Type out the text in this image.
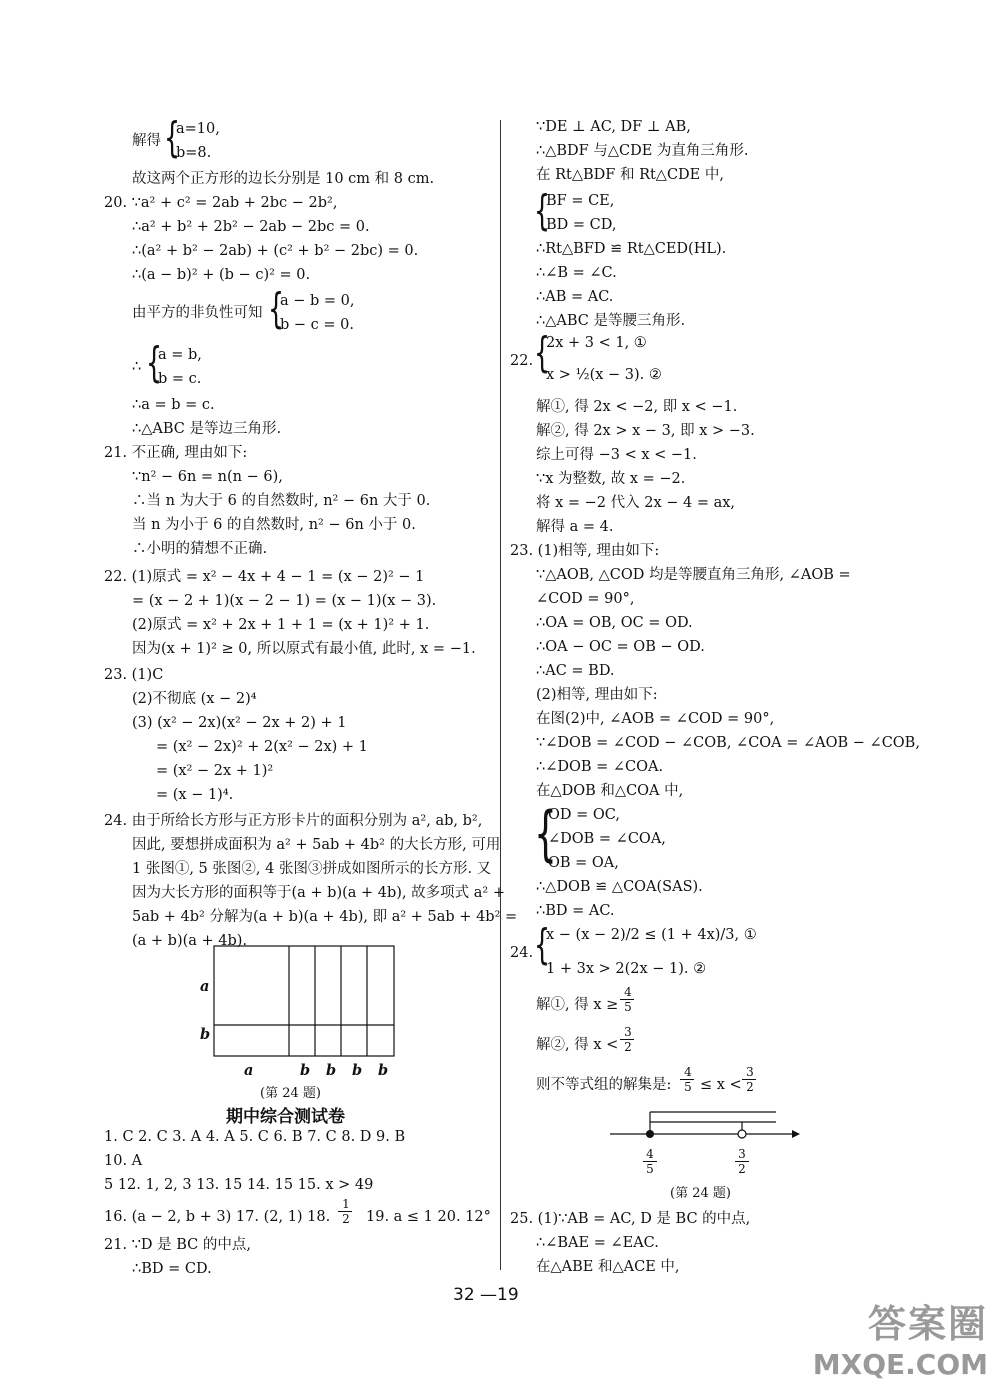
解得 {
a=10,
b=8.
故这两个正方形的边长分别是 10 cm 和 8 cm.
20. ∵a² + c² = 2ab + 2bc − 2b²,
∴a² + b² + 2b² − 2ab − 2bc = 0.
∴(a² + b² − 2ab) + (c² + b² − 2bc) = 0.
∴(a − b)² + (b − c)² = 0.
由平方的非负性可知 {
a − b = 0,
b − c = 0.
∴ {
a = b,
b = c.
∴a = b = c.
∴△ABC 是等边三角形.
21. 不正确, 理由如下:
∵n² − 6n = n(n − 6),
∴当 n 为大于 6 的自然数时, n² − 6n 大于 0.
当 n 为小于 6 的自然数时, n² − 6n 小于 0.
∴小明的猜想不正确.
22. (1)原式 = x² − 4x + 4 − 1 = (x − 2)² − 1
= (x − 2 + 1)(x − 2 − 1) = (x − 1)(x − 3).
(2)原式 = x² + 2x + 1 + 1 = (x + 1)² + 1.
因为(x + 1)² ≥ 0, 所以原式有最小值, 此时, x = −1.
23. (1)C
(2)不彻底 (x − 2)⁴
(3) (x² − 2x)(x² − 2x + 2) + 1
= (x² − 2x)² + 2(x² − 2x) + 1
= (x² − 2x + 1)²
= (x − 1)⁴.
24. 由于所给长方形与正方形卡片的面积分别为 a², ab, b²,
因此, 要想拼成面积为 a² + 5ab + 4b² 的大长方形, 可用
1 张图①, 5 张图②, 4 张图③拼成如图所示的长方形. 又
因为大长方形的面积等于(a + b)(a + 4b), 故多项式 a² +
5ab + 4b² 分解为(a + b)(a + 4b), 即 a² + 5ab + 4b² =
(a + b)(a + 4b).
a
b
a	b b b b
(第 24 题)
期中综合测试卷
1. C 2. C 3. A 4. A 5. C 6. B 7. C 8. D 9. B
10. A
5 12. 1, 2, 3 13. 15 14. 15 15. x > 49
16. (a − 2, b + 3) 17. (2, 1) 18.
1
2 19. a ≤ 1 20. 12°
21. ∵D 是 BC 的中点,
∴BD = CD.
∵DE ⊥ AC, DF ⊥ AB,
∴△BDF 与△CDE 为直角三角形.
在 Rt△BDF 和 Rt△CDE 中,
{
BF = CE,
BD = CD,
∴Rt△BFD ≌ Rt△CED(HL).
∴∠B = ∠C.
∴AB = AC.
∴△ABC 是等腰三角形.
22. {
2x + 3 < 1, ①
x > ½(x − 3). ②
解①, 得 2x < −2, 即 x < −1.
解②, 得 2x > x − 3, 即 x > −3.
综上可得 −3 < x < −1.
∵x 为整数, 故 x = −2.
将 x = −2 代入 2x − 4 = ax,
解得 a = 4.
23. (1)相等, 理由如下:
∵△AOB, △COD 均是等腰直角三角形, ∠AOB =
∠COD = 90°,
∴OA = OB, OC = OD.
∴OA − OC = OB − OD.
∴AC = BD.
(2)相等, 理由如下:
在图(2)中, ∠AOB = ∠COD = 90°,
∵∠DOB = ∠COD − ∠COB, ∠COA = ∠AOB − ∠COB,
∴∠DOB = ∠COA.
在△DOB 和△COA 中,
{
OD = OC,
∠DOB = ∠COA,
OB = OA,
∴△DOB ≌ △COA(SAS).
∴BD = AC.
24. {
x − (x − 2)/2 ≤ (1 + 4x)/3, ①
1 + 3x > 2(2x − 1). ②
解①, 得 x ≥
4
5
解②, 得 x <
3
2
则不等式组的解集是:
4
5 ≤ x <
3
2
4
5
3
2
(第 24 题)
25. (1)∵AB = AC, D 是 BC 的中点,
∴∠BAE = ∠EAC.
在△ABE 和△ACE 中,
32 —19
答案圈
MXQE.COM
